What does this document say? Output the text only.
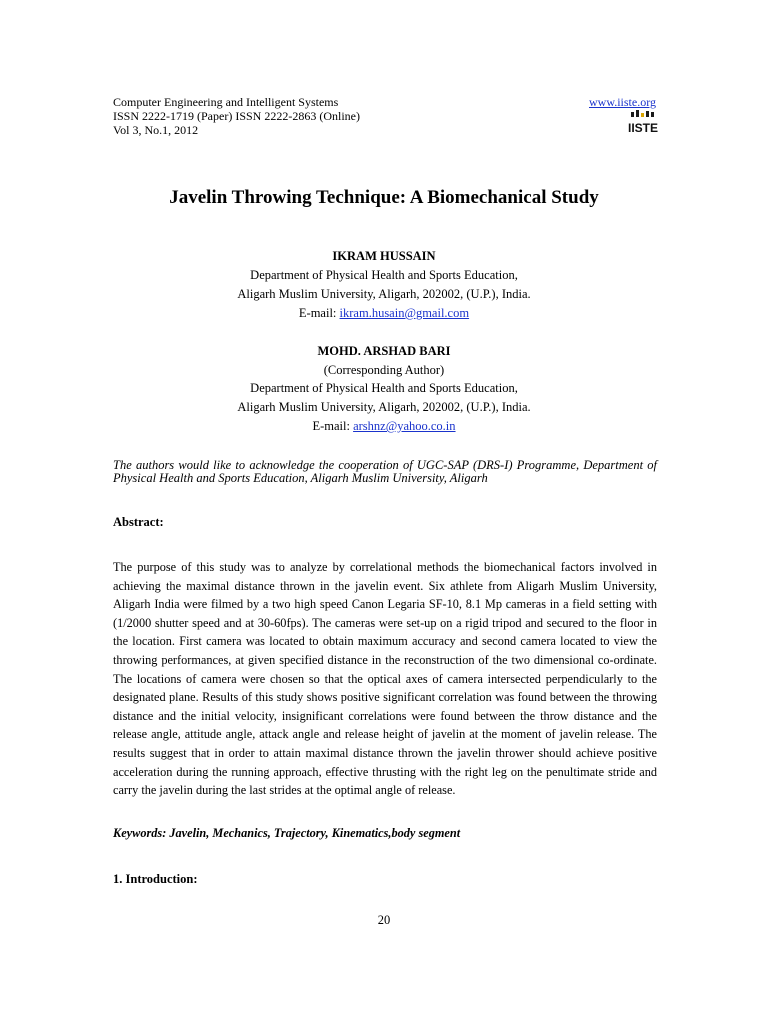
Computer Engineering and Intelligent Systems
ISSN 2222-1719 (Paper) ISSN 2222-2863 (Online)
Vol 3, No.1, 2012
www.iiste.org
IISTE
Javelin Throwing Technique: A Biomechanical Study
IKRAM HUSSAIN
Department of Physical Health and Sports Education,
Aligarh Muslim University, Aligarh, 202002, (U.P.), India.
E-mail: ikram.husain@gmail.com
MOHD. ARSHAD BARI
(Corresponding Author)
Department of Physical Health and Sports Education,
Aligarh Muslim University, Aligarh, 202002, (U.P.), India.
E-mail: arshnz@yahoo.co.in
The authors would like to acknowledge the cooperation of UGC-SAP (DRS-I) Programme, Department of Physical Health and Sports Education, Aligarh Muslim University, Aligarh
Abstract:

The purpose of this study was to analyze by correlational methods the biomechanical factors involved in achieving the maximal distance thrown in the javelin event. Six athlete from Aligarh Muslim University, Aligarh India were filmed by a two high speed Canon Legaria SF-10, 8.1 Mp cameras in a field setting with (1/2000 shutter speed and at 30-60fps). The cameras were set-up on a rigid tripod and secured to the floor in the location. First camera was located to obtain maximum accuracy and second camera located to view the throwing performances, at given specified distance in the reconstruction of the two dimensional co-ordinate. The locations of camera were chosen so that the optical axes of camera intersected perpendicularly to the designated plane. Results of this study shows positive significant correlation was found between the throwing distance and the initial velocity, insignificant correlations were found between the throw distance and the release angle, attitude angle, attack angle and release height of javelin at the moment of javelin release. The results suggest that in order to attain maximal distance thrown the javelin thrower should achieve positive acceleration during the running approach, effective thrusting with the right leg on the penultimate stride and carry the javelin during the last strides at the optimal angle of release.

Keywords: Javelin, Mechanics, Trajectory, Kinematics,body segment
1. Introduction:
20
